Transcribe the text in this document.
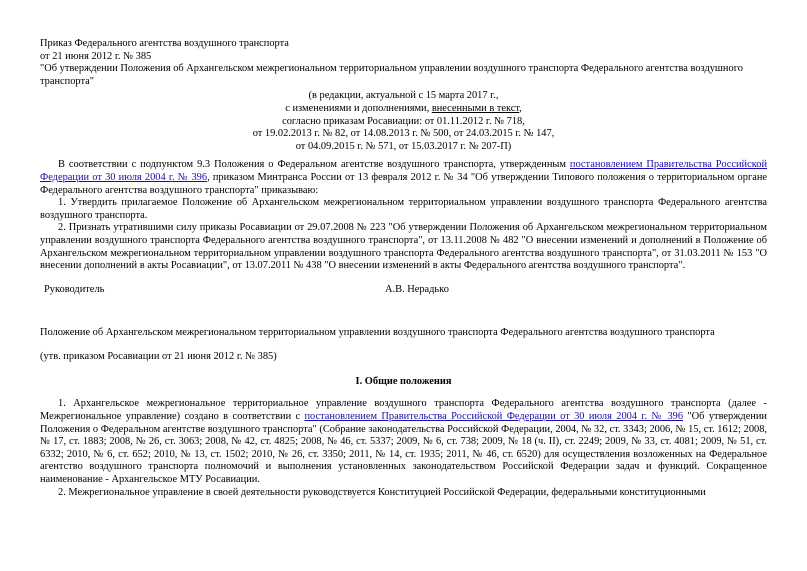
Приказ Федерального агентства воздушного транспорта
от 21 июня 2012 г. № 385

"Об утверждении Положения об Архангельском межрегиональном территориальном управлении воздушного транспорта Федерального агентства воздушного транспорта"

(в редакции, актуальной с 15 марта 2017 г.,
с изменениями и дополнениями, внесенными в текст,
согласно приказам Росавиации: от 01.11.2012 г. № 718,
от 19.02.2013 г. № 82, от 14.08.2013 г. № 500, от 24.03.2015 г. № 147,
от 04.09.2015 г. № 571, от 15.03.2017 г. № 207-П)

В соответствии с подпунктом 9.3 Положения о Федеральном агентстве воздушного транспорта, утвержденным постановлением Правительства Российской Федерации от 30 июля 2004 г. № 396, приказом Минтранса России от 13 февраля 2012 г. № 34 "Об утверждении Типового положения о территориальном органе Федерального агентства воздушного транспорта" приказываю:

1. Утвердить прилагаемое Положение об Архангельском межрегиональном территориальном управлении воздушного транспорта Федерального агентства воздушного транспорта.

2. Признать утратившими силу приказы Росавиации от 29.07.2008 № 223 "Об утверждении Положения об Архангельском межрегиональном территориальном управлении воздушного транспорта Федерального агентства воздушного транспорта", от 13.11.2008 № 482 "О внесении изменений и дополнений в Положение об Архангельском межрегиональном территориальном управлении воздушного транспорта Федерального агентства воздушного транспорта", от 31.03.2011 № 153 "О внесении дополнений в акты Росавиации", от 13.07.2011 № 438 "О внесении изменений в акты Федерального агентства воздушного транспорта".

Руководитель	А.В. Нерадько

Положение об Архангельском межрегиональном территориальном управлении воздушного транспорта Федерального агентства воздушного транспорта

(утв. приказом Росавиации от 21 июня 2012 г. № 385)

I. Общие положения

1. Архангельское межрегиональное территориальное управление воздушного транспорта Федерального агентства воздушного транспорта (далее - Межрегиональное управление) создано в соответствии с постановлением Правительства Российской Федерации от 30 июля 2004 г. № 396 "Об утверждении Положения о Федеральном агентстве воздушного транспорта" (Собрание законодательства Российской Федерации, 2004, № 32, ст. 3343; 2006, № 15, ст. 1612; 2008, № 17, ст. 1883; 2008, № 26, ст. 3063; 2008, № 42, ст. 4825; 2008, № 46, ст. 5337; 2009, № 6, ст. 738; 2009, № 18 (ч. II), ст. 2249; 2009, № 33, ст. 4081; 2009, № 51, ст. 6332; 2010, № 6, ст. 652; 2010, № 13, ст. 1502; 2010, № 26, ст. 3350; 2011, № 14, ст. 1935; 2011, № 46, ст. 6520) для осуществления возложенных на Федеральное агентство воздушного транспорта полномочий и выполнения установленных законодательством Российской Федерации задач и функций. Сокращенное наименование - Архангельское МТУ Росавиации.

2. Межрегиональное управление в своей деятельности руководствуется Конституцией Российской Федерации, федеральными конституционными
